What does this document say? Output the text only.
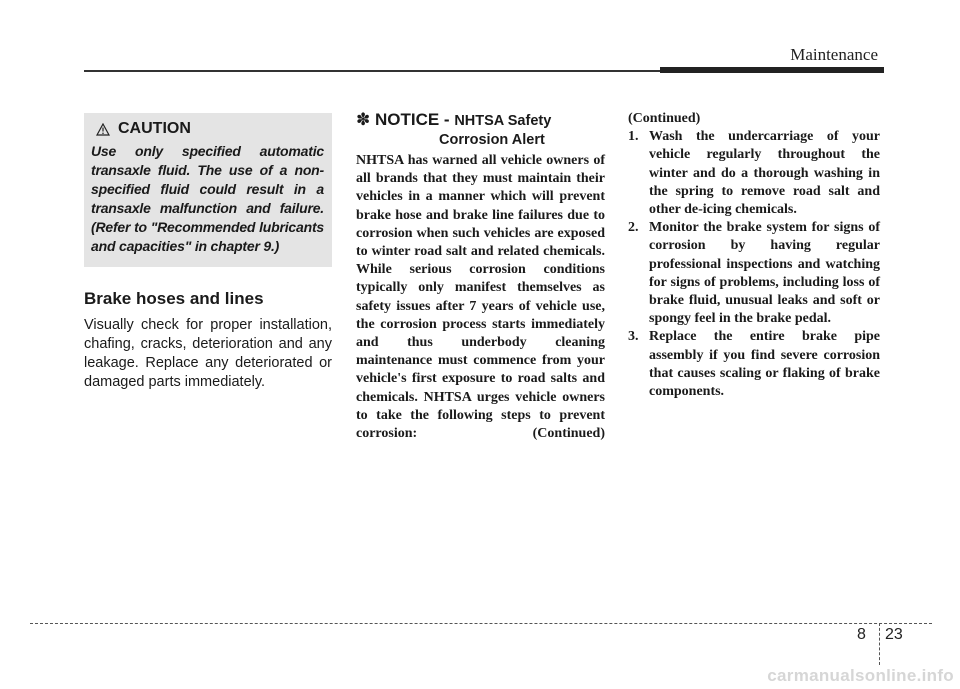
Maintenance
CAUTION
Use only specified automatic transaxle fluid. The use of a non-specified fluid could result in a transaxle malfunction and failure. (Refer to "Recommended lubricants and capacities" in chapter 9.)
Brake hoses and lines

Visually check for proper installation, chafing, cracks, deterioration and any leakage. Replace any deteriorated or damaged parts immediately.

✽ NOTICE - NHTSA Safety
Corrosion Alert

NHTSA has warned all vehicle owners of all brands that they must maintain their vehicles in a manner which will prevent brake hose and brake line failures due to corrosion when such vehicles are exposed to winter road salt and related chemicals. While serious corrosion conditions typically only manifest themselves as safety issues after 7 years of vehicle use, the corrosion process starts immediately and thus underbody cleaning maintenance must commence from your vehicle's first exposure to road salts and chemicals. NHTSA urges vehicle owners to take the following steps to prevent corrosion:	(Continued)

(Continued)

1. Wash the undercarriage of your vehicle regularly throughout the winter and do a thorough washing in the spring to remove road salt and other de-icing chemicals.
2. Monitor the brake system for signs of corrosion by having regular professional inspections and watching for signs of problems, including loss of brake fluid, unusual leaks and soft or spongy feel in the brake pedal.
3. Replace the entire brake pipe assembly if you find severe corrosion that causes scaling or flaking of brake components.
8 23
carmanualsonline.info
